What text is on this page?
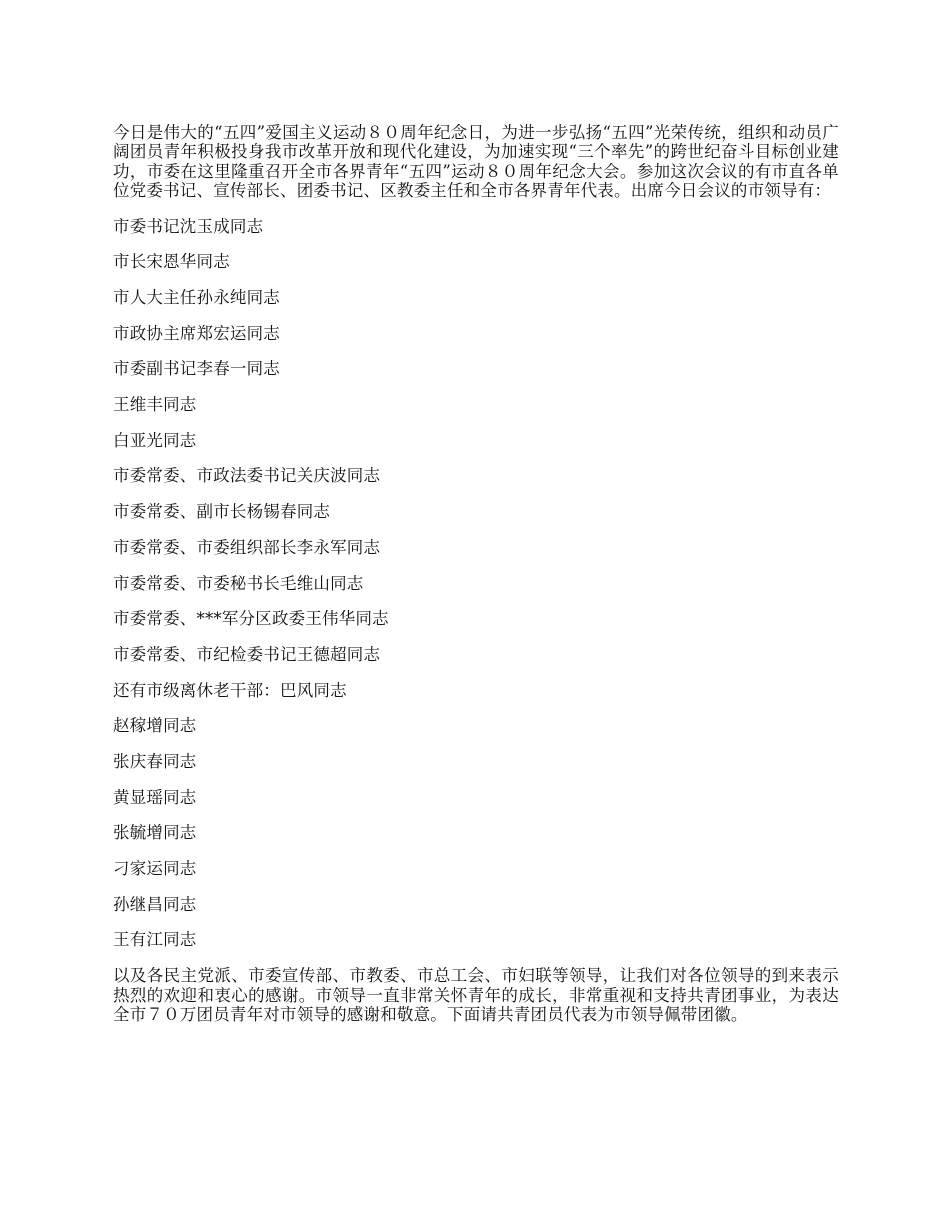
今日是伟大的“五四”爱国主义运动８０周年纪念日，为进一步弘扬“五四”光荣传统，组织和动员广阔团员青年积极投身我市改革开放和现代化建设，为加速实现“三个率先”的跨世纪奋斗目标创业建功，市委在这里隆重召开全市各界青年“五四”运动８０周年纪念大会。参加这次会议的有市直各单位党委书记、宣传部长、团委书记、区教委主任和全市各界青年代表。出席今日会议的市领导有：

市委书记沈玉成同志

市长宋恩华同志

市人大主任孙永纯同志

市政协主席郑宏运同志

市委副书记李春一同志

王维丰同志

白亚光同志

市委常委、市政法委书记关庆波同志

市委常委、副市长杨锡春同志

市委常委、市委组织部长李永军同志

市委常委、市委秘书长毛维山同志

市委常委、***军分区政委王伟华同志

市委常委、市纪检委书记王德超同志

还有市级离休老干部：巴风同志

赵稼增同志

张庆春同志

黄显瑶同志

张毓增同志

刁家运同志

孙继昌同志

王有江同志

以及各民主党派、市委宣传部、市教委、市总工会、市妇联等领导，让我们对各位领导的到来表示热烈的欢迎和衷心的感谢。市领导一直非常关怀青年的成长，非常重视和支持共青团事业，为表达全市７０万团员青年对市领导的感谢和敬意。下面请共青团员代表为市领导佩带团徽。
